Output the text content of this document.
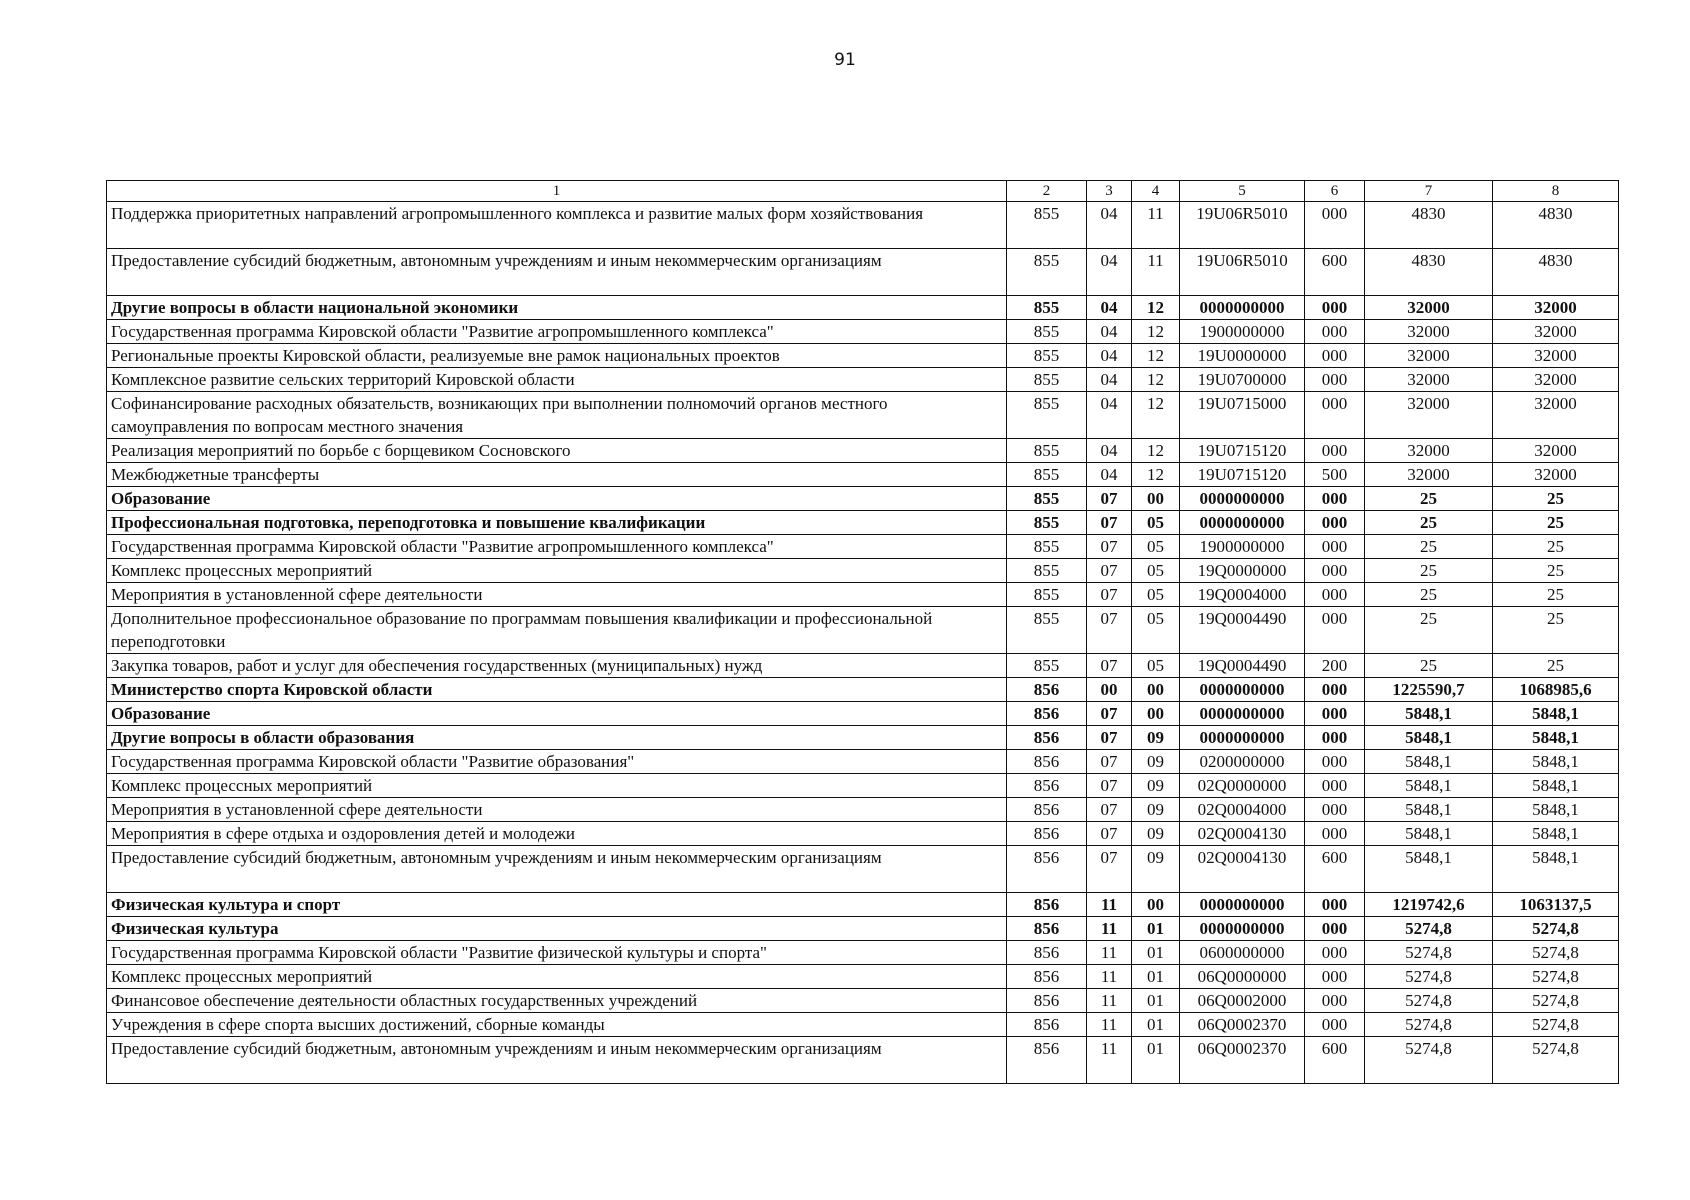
91
1	2	3	4	5	6	7	8
Поддержка приоритетных направлений агропромышленного комплекса и развитие малых форм хозяйствования	855	04	11	19U06R5010	000	4830	4830
Предоставление субсидий бюджетным, автономным учреждениям и иным некоммерческим организациям	855	04	11	19U06R5010	600	4830	4830
Другие вопросы в области национальной экономики	855	04	12	0000000000	000	32000	32000
Государственная программа Кировской области "Развитие агропромышленного комплекса"	855	04	12	1900000000	000	32000	32000
Региональные проекты Кировской области, реализуемые вне рамок национальных проектов	855	04	12	19U0000000	000	32000	32000
Комплексное развитие сельских территорий Кировской области	855	04	12	19U0700000	000	32000	32000
Софинансирование расходных обязательств, возникающих при выполнении полномочий органов местного самоуправления по вопросам местного значения	855	04	12	19U0715000	000	32000	32000
Реализация мероприятий по борьбе с борщевиком Сосновского	855	04	12	19U0715120	000	32000	32000
Межбюджетные трансферты	855	04	12	19U0715120	500	32000	32000
Образование	855	07	00	0000000000	000	25	25
Профессиональная подготовка, переподготовка и повышение квалификации	855	07	05	0000000000	000	25	25
Государственная программа Кировской области "Развитие агропромышленного комплекса"	855	07	05	1900000000	000	25	25
Комплекс процессных мероприятий	855	07	05	19Q0000000	000	25	25
Мероприятия в установленной сфере деятельности	855	07	05	19Q0004000	000	25	25
Дополнительное профессиональное образование по программам повышения квалификации и профессиональной переподготовки	855	07	05	19Q0004490	000	25	25
Закупка товаров, работ и услуг для обеспечения государственных (муниципальных) нужд	855	07	05	19Q0004490	200	25	25
Министерство спорта Кировской области	856	00	00	0000000000	000	1225590,7	1068985,6
Образование	856	07	00	0000000000	000	5848,1	5848,1
Другие вопросы в области образования	856	07	09	0000000000	000	5848,1	5848,1
Государственная программа Кировской области "Развитие образования"	856	07	09	0200000000	000	5848,1	5848,1
Комплекс процессных мероприятий	856	07	09	02Q0000000	000	5848,1	5848,1
Мероприятия в установленной сфере деятельности	856	07	09	02Q0004000	000	5848,1	5848,1
Мероприятия в сфере отдыха и оздоровления детей и молодежи	856	07	09	02Q0004130	000	5848,1	5848,1
Предоставление субсидий бюджетным, автономным учреждениям и иным некоммерческим организациям	856	07	09	02Q0004130	600	5848,1	5848,1
Физическая культура и спорт	856	11	00	0000000000	000	1219742,6	1063137,5
Физическая культура	856	11	01	0000000000	000	5274,8	5274,8
Государственная программа Кировской области "Развитие физической культуры и спорта"	856	11	01	0600000000	000	5274,8	5274,8
Комплекс процессных мероприятий	856	11	01	06Q0000000	000	5274,8	5274,8
Финансовое обеспечение деятельности областных государственных учреждений	856	11	01	06Q0002000	000	5274,8	5274,8
Учреждения в сфере спорта высших достижений, сборные команды	856	11	01	06Q0002370	000	5274,8	5274,8
Предоставление субсидий бюджетным, автономным учреждениям и иным некоммерческим организациям	856	11	01	06Q0002370	600	5274,8	5274,8
